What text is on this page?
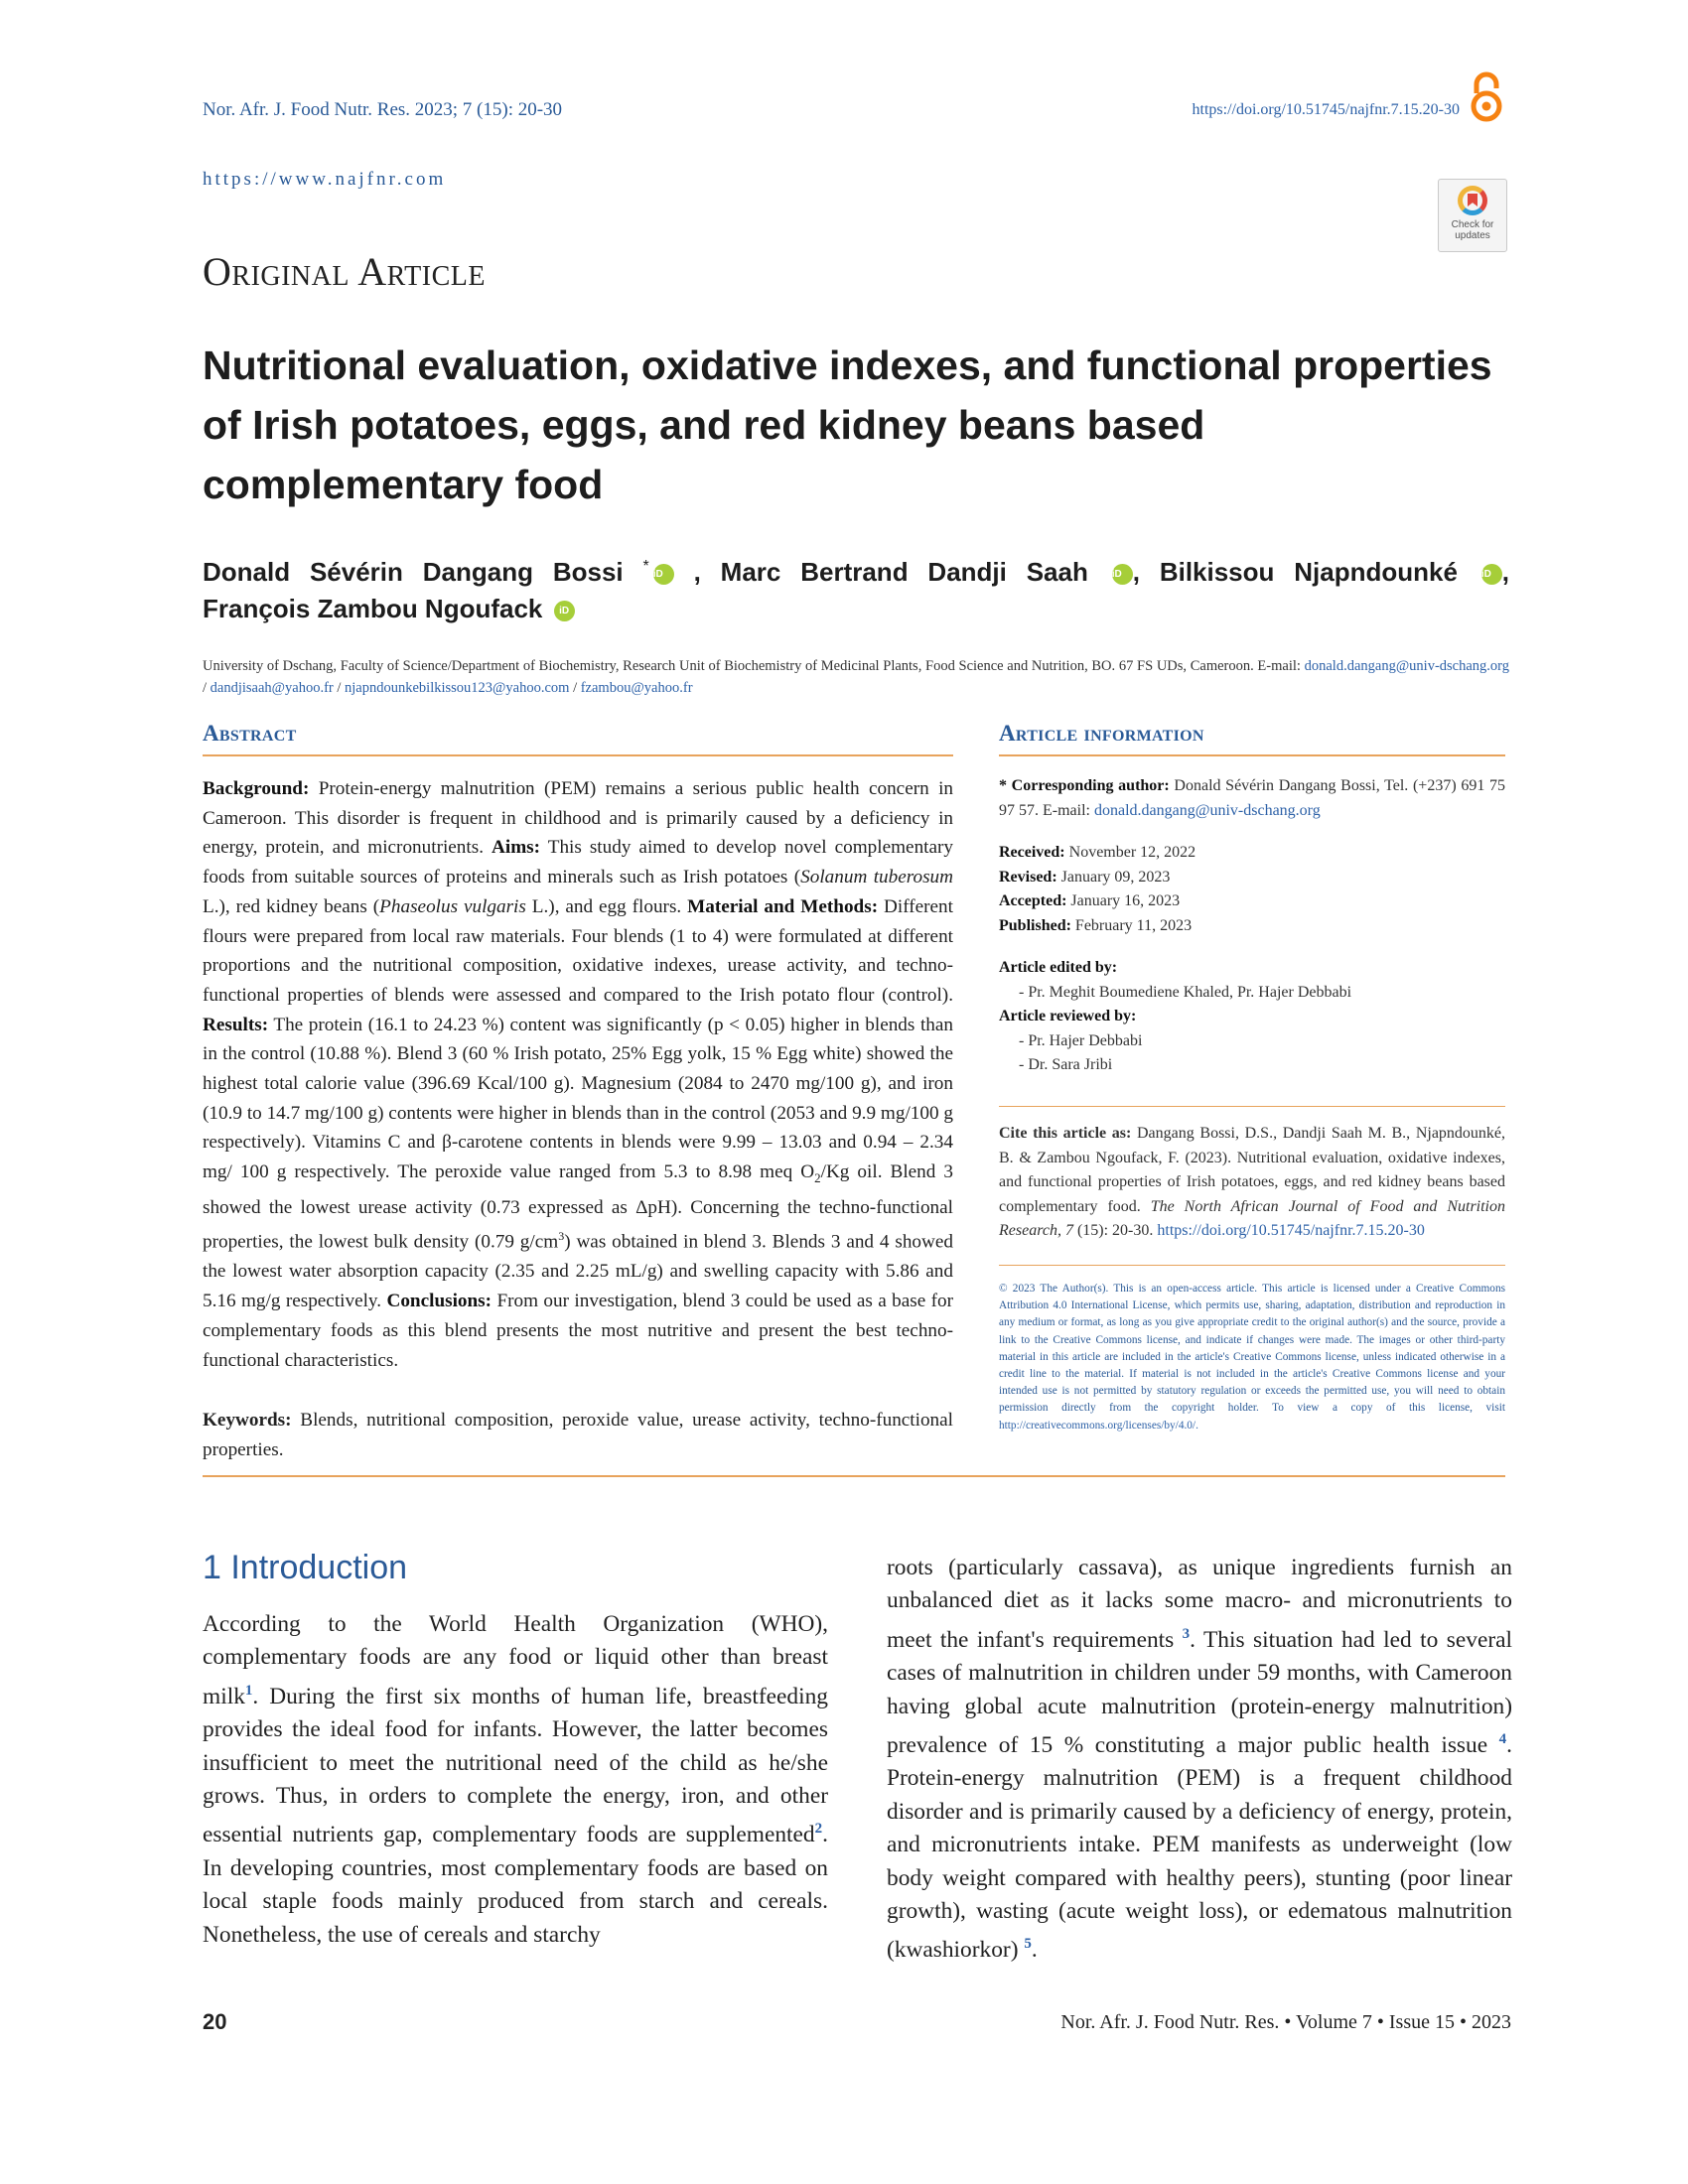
Nor. Afr. J. Food Nutr. Res. 2023; 7 (15): 20-30	https://doi.org/10.51745/najfnr.7.15.20-30
https://www.najfnr.com
Check for updates
Original Article
Nutritional evaluation, oxidative indexes, and functional properties of Irish potatoes, eggs, and red kidney beans based complementary food
Donald Sévérin Dangang Bossi * iD , Marc Bertrand Dandji Saah iD , Bilkissou Njapndounké iD ,
François Zambou Ngoufack iD
University of Dschang, Faculty of Science/Department of Biochemistry, Research Unit of Biochemistry of Medicinal Plants, Food Science and Nutrition, BO. 67 FS UDs, Cameroon. E-mail: donald.dangang@univ-dschang.org / dandjisaah@yahoo.fr / njapndounkebilkissou123@yahoo.com / fzambou@yahoo.fr
Abstract	Article information
Background: Protein-energy malnutrition (PEM) remains a serious public health concern in Cameroon. This disorder is frequent in childhood and is primarily caused by a deficiency in energy, protein, and micronutrients. Aims: This study aimed to develop novel complementary foods from suitable sources of proteins and minerals such as Irish potatoes (Solanum tuberosum L.), red kidney beans (Phaseolus vulgaris L.), and egg flours. Material and Methods: Different flours were prepared from local raw materials. Four blends (1 to 4) were formulated at different proportions and the nutritional composition, oxidative indexes, urease activity, and techno-functional properties of blends were assessed and compared to the Irish potato flour (control). Results: The protein (16.1 to 24.23 %) content was significantly (p < 0.05) higher in blends than in the control (10.88 %). Blend 3 (60 % Irish potato, 25% Egg yolk, 15 % Egg white) showed the highest total calorie value (396.69 Kcal/100 g). Magnesium (2084 to 2470 mg/100 g), and iron (10.9 to 14.7 mg/100 g) contents were higher in blends than in the control (2053 and 9.9 mg/100 g respectively). Vitamins C and β-carotene contents in blends were 9.99 – 13.03 and 0.94 – 2.34 mg/ 100 g respectively. The peroxide value ranged from 5.3 to 8.98 meq $O_2/Kg$ oil. Blend 3 showed the lowest urease activity (0.73 expressed as ΔpH). Concerning the techno-functional properties, the lowest bulk density (0.79 $g/cm^3$) was obtained in blend 3. Blends 3 and 4 showed the lowest water absorption capacity (2.35 and 2.25 mL/g) and swelling capacity with 5.86 and 5.16 mg/g respectively. Conclusions: From our investigation, blend 3 could be used as a base for complementary foods as this blend presents the most nutritive and present the best techno-functional characteristics.
Keywords: Blends, nutritional composition, peroxide value, urease activity, techno-functional properties.
* Corresponding author: Donald Sévérin Dangang Bossi, Tel. (+237) 691 75 97 57. E-mail: donald.dangang@univ-dschang.org
Received: November 12, 2022
Revised: January 09, 2023
Accepted: January 16, 2023
Published: February 11, 2023
Article edited by:
- Pr. Meghit Boumediene Khaled, Pr. Hajer Debbabi
Article reviewed by:
- Pr. Hajer Debbabi
- Dr. Sara Jribi
Cite this article as: Dangang Bossi, D.S., Dandji Saah M. B., Njapndounké, B. & Zambou Ngoufack, F. (2023). Nutritional evaluation, oxidative indexes, and functional properties of Irish potatoes, eggs, and red kidney beans based complementary food. The North African Journal of Food and Nutrition Research, 7 (15): 20-30. https://doi.org/10.51745/najfnr.7.15.20-30
© 2023 The Author(s). This is an open-access article. This article is licensed under a Creative Commons Attribution 4.0 International License, which permits use, sharing, adaptation, distribution and reproduction in any medium or format, as long as you give appropriate credit to the original author(s) and the source, provide a link to the Creative Commons license, and indicate if changes were made. The images or other third-party material in this article are included in the article's Creative Commons license, unless indicated otherwise in a credit line to the material. If material is not included in the article's Creative Commons license and your intended use is not permitted by statutory regulation or exceeds the permitted use, you will need to obtain permission directly from the copyright holder. To view a copy of this license, visit http://creativecommons.org/licenses/by/4.0/.
1 Introduction
According to the World Health Organization (WHO), complementary foods are any food or liquid other than breast milk$^1$. During the first six months of human life, breastfeeding provides the ideal food for infants. However, the latter becomes insufficient to meet the nutritional need of the child as he/she grows. Thus, in orders to complete the energy, iron, and other essential nutrients gap, complementary foods are supplemented$^2$. In developing countries, most complementary foods are based on local staple foods mainly produced from starch and cereals. Nonetheless, the use of cereals and starchy
roots (particularly cassava), as unique ingredients furnish an unbalanced diet as it lacks some macro- and micronutrients to meet the infant's requirements $^3$. This situation had led to several cases of malnutrition in children under 59 months, with Cameroon having global acute malnutrition (protein-energy malnutrition) prevalence of 15 % constituting a major public health issue $^4$. Protein-energy malnutrition (PEM) is a frequent childhood disorder and is primarily caused by a deficiency of energy, protein, and micronutrients intake. PEM manifests as underweight (low body weight compared with healthy peers), stunting (poor linear growth), wasting (acute weight loss), or edematous malnutrition (kwashiorkor) $^5$.
20	Nor. Afr. J. Food Nutr. Res. • Volume 7 • Issue 15 • 2023
